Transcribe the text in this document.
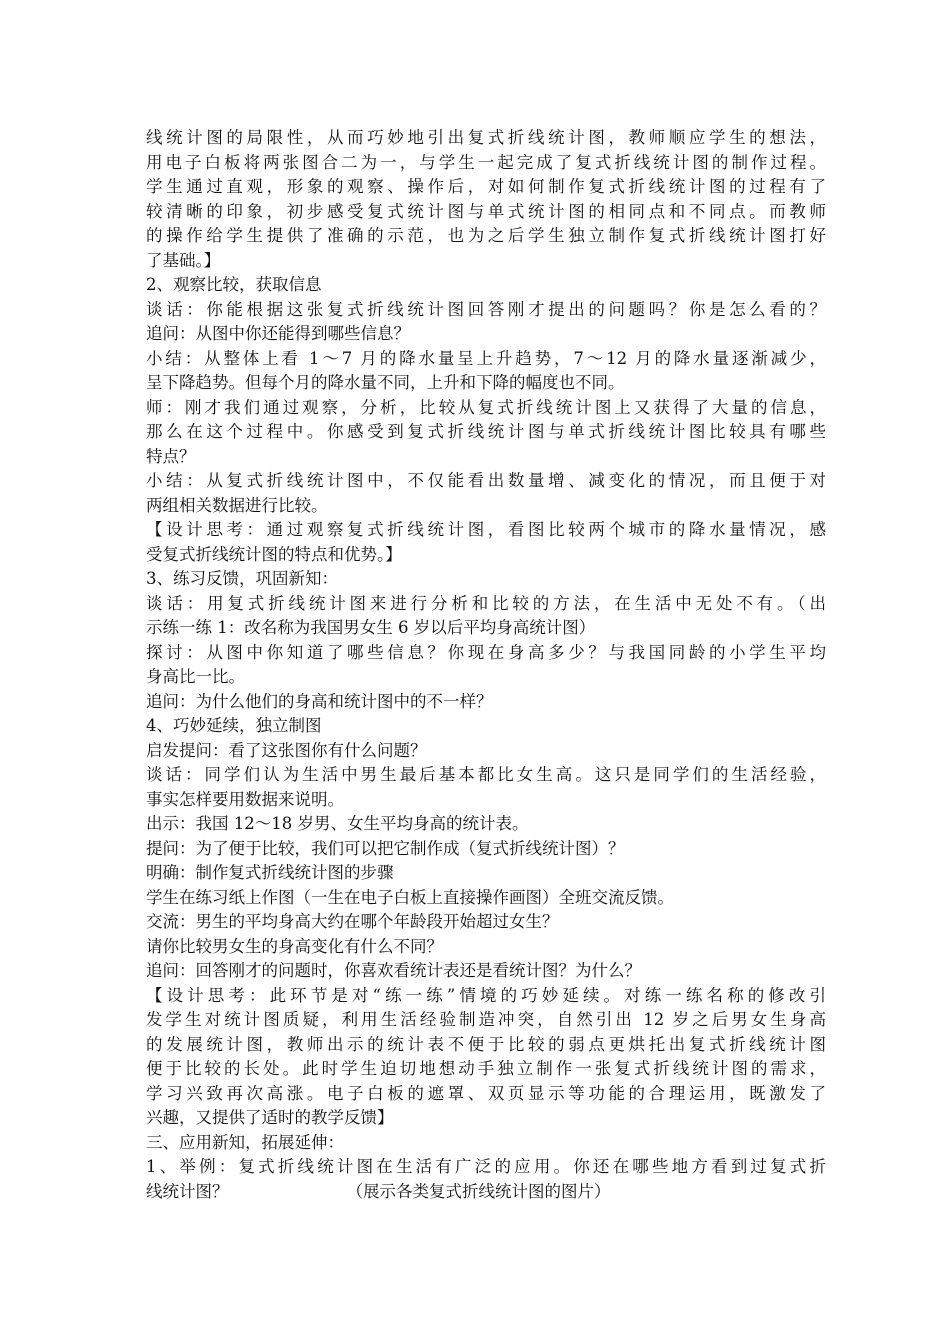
线统计图的局限性，从而巧妙地引出复式折线统计图，教师顺应学生的想法，
用电子白板将两张图合二为一，与学生一起完成了复式折线统计图的制作过程。
学生通过直观，形象的观察、操作后，对如何制作复式折线统计图的过程有了
较清晰的印象，初步感受复式统计图与单式统计图的相同点和不同点。而教师
的操作给学生提供了准确的示范，也为之后学生独立制作复式折线统计图打好
了基础。】
2、观察比较，获取信息
谈话：你能根据这张复式折线统计图回答刚才提出的问题吗？你是怎么看的？
追问：从图中你还能得到哪些信息？
小结：从整体上看 1～7 月的降水量呈上升趋势，7～12 月的降水量逐渐减少，
呈下降趋势。但每个月的降水量不同，上升和下降的幅度也不同。
师：刚才我们通过观察，分析，比较从复式折线统计图上又获得了大量的信息，
那么在这个过程中。你感受到复式折线统计图与单式折线统计图比较具有哪些
特点？
小结：从复式折线统计图中，不仅能看出数量增、减变化的情况，而且便于对
两组相关数据进行比较。
【设计思考：通过观察复式折线统计图，看图比较两个城市的降水量情况，感
受复式折线统计图的特点和优势。】
3、练习反馈，巩固新知：
谈话：用复式折线统计图来进行分析和比较的方法，在生活中无处不有。（出
示练一练 1：改名称为我国男女生 6 岁以后平均身高统计图）
探讨：从图中你知道了哪些信息？你现在身高多少？与我国同龄的小学生平均
身高比一比。
追问：为什么他们的身高和统计图中的不一样？
4、巧妙延续，独立制图
启发提问：看了这张图你有什么问题？
谈话：同学们认为生活中男生最后基本都比女生高。这只是同学们的生活经验，
事实怎样要用数据来说明。
出示：我国 12～18 岁男、女生平均身高的统计表。
提问：为了便于比较，我们可以把它制作成（复式折线统计图）？
明确：制作复式折线统计图的步骤
学生在练习纸上作图（一生在电子白板上直接操作画图）全班交流反馈。
交流：男生的平均身高大约在哪个年龄段开始超过女生？
请你比较男女生的身高变化有什么不同？
追问：回答刚才的问题时，你喜欢看统计表还是看统计图？为什么？
【设计思考：此环节是对“练一练”情境的巧妙延续。对练一练名称的修改引
发学生对统计图质疑，利用生活经验制造冲突，自然引出 12 岁之后男女生身高
的发展统计图，教师出示的统计表不便于比较的弱点更烘托出复式折线统计图
便于比较的长处。此时学生迫切地想动手独立制作一张复式折线统计图的需求，
学习兴致再次高涨。电子白板的遮罩、双页显示等功能的合理运用，既激发了
兴趣，又提供了适时的教学反馈】
三、应用新知，拓展延伸：
1、举例：复式折线统计图在生活有广泛的应用。你还在哪些地方看到过复式折
线统计图？	（展示各类复式折线统计图的图片）
